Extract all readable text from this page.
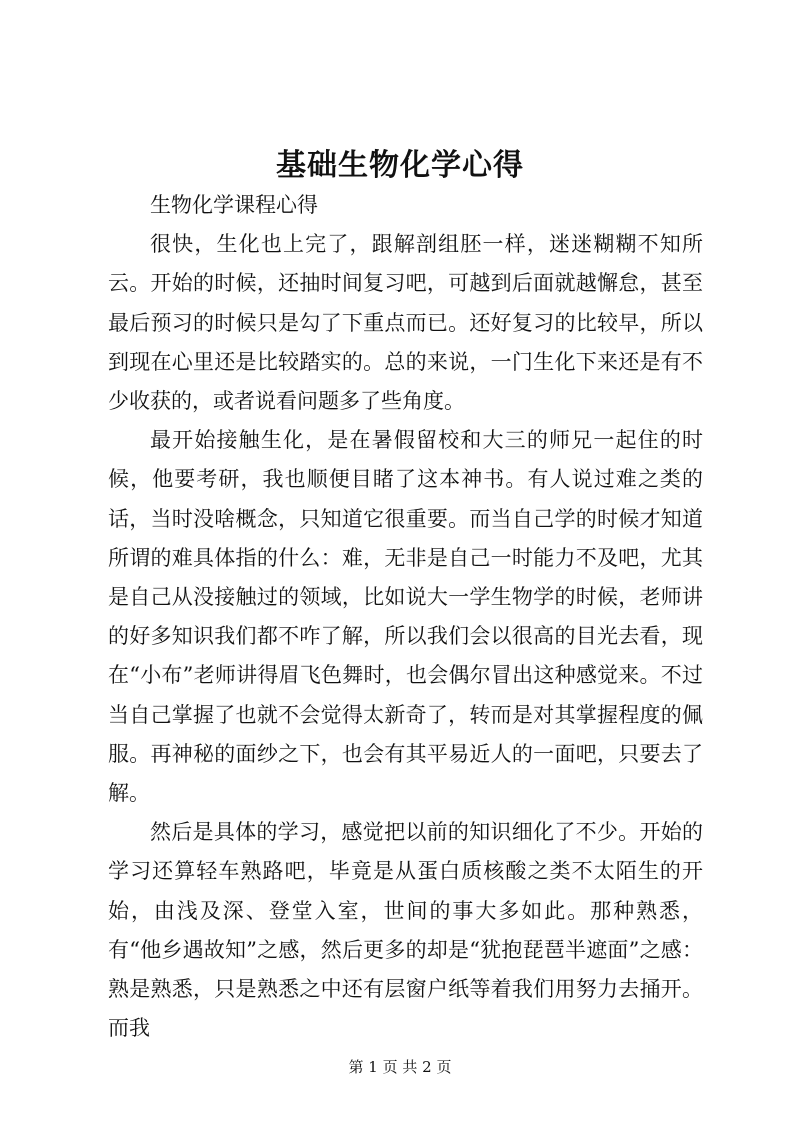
基础生物化学心得

生物化学课程心得

很快，生化也上完了，跟解剖组胚一样，迷迷糊糊不知所云。开始的时候，还抽时间复习吧，可越到后面就越懈怠，甚至最后预习的时候只是勾了下重点而已。还好复习的比较早，所以到现在心里还是比较踏实的。总的来说，一门生化下来还是有不少收获的，或者说看问题多了些角度。

最开始接触生化，是在暑假留校和大三的师兄一起住的时候，他要考研，我也顺便目睹了这本神书。有人说过难之类的话，当时没啥概念，只知道它很重要。而当自己学的时候才知道所谓的难具体指的什么：难，无非是自己一时能力不及吧，尤其是自己从没接触过的领域，比如说大一学生物学的时候，老师讲的好多知识我们都不咋了解，所以我们会以很高的目光去看，现在“小布”老师讲得眉飞色舞时，也会偶尔冒出这种感觉来。不过当自己掌握了也就不会觉得太新奇了，转而是对其掌握程度的佩服。再神秘的面纱之下，也会有其平易近人的一面吧，只要去了解。

然后是具体的学习，感觉把以前的知识细化了不少。开始的学习还算轻车熟路吧，毕竟是从蛋白质核酸之类不太陌生的开始，由浅及深、登堂入室，世间的事大多如此。那种熟悉，有“他乡遇故知”之感，然后更多的却是“犹抱琵琶半遮面”之感：熟是熟悉，只是熟悉之中还有层窗户纸等着我们用努力去捅开。而我

第 1 页 共 2 页
